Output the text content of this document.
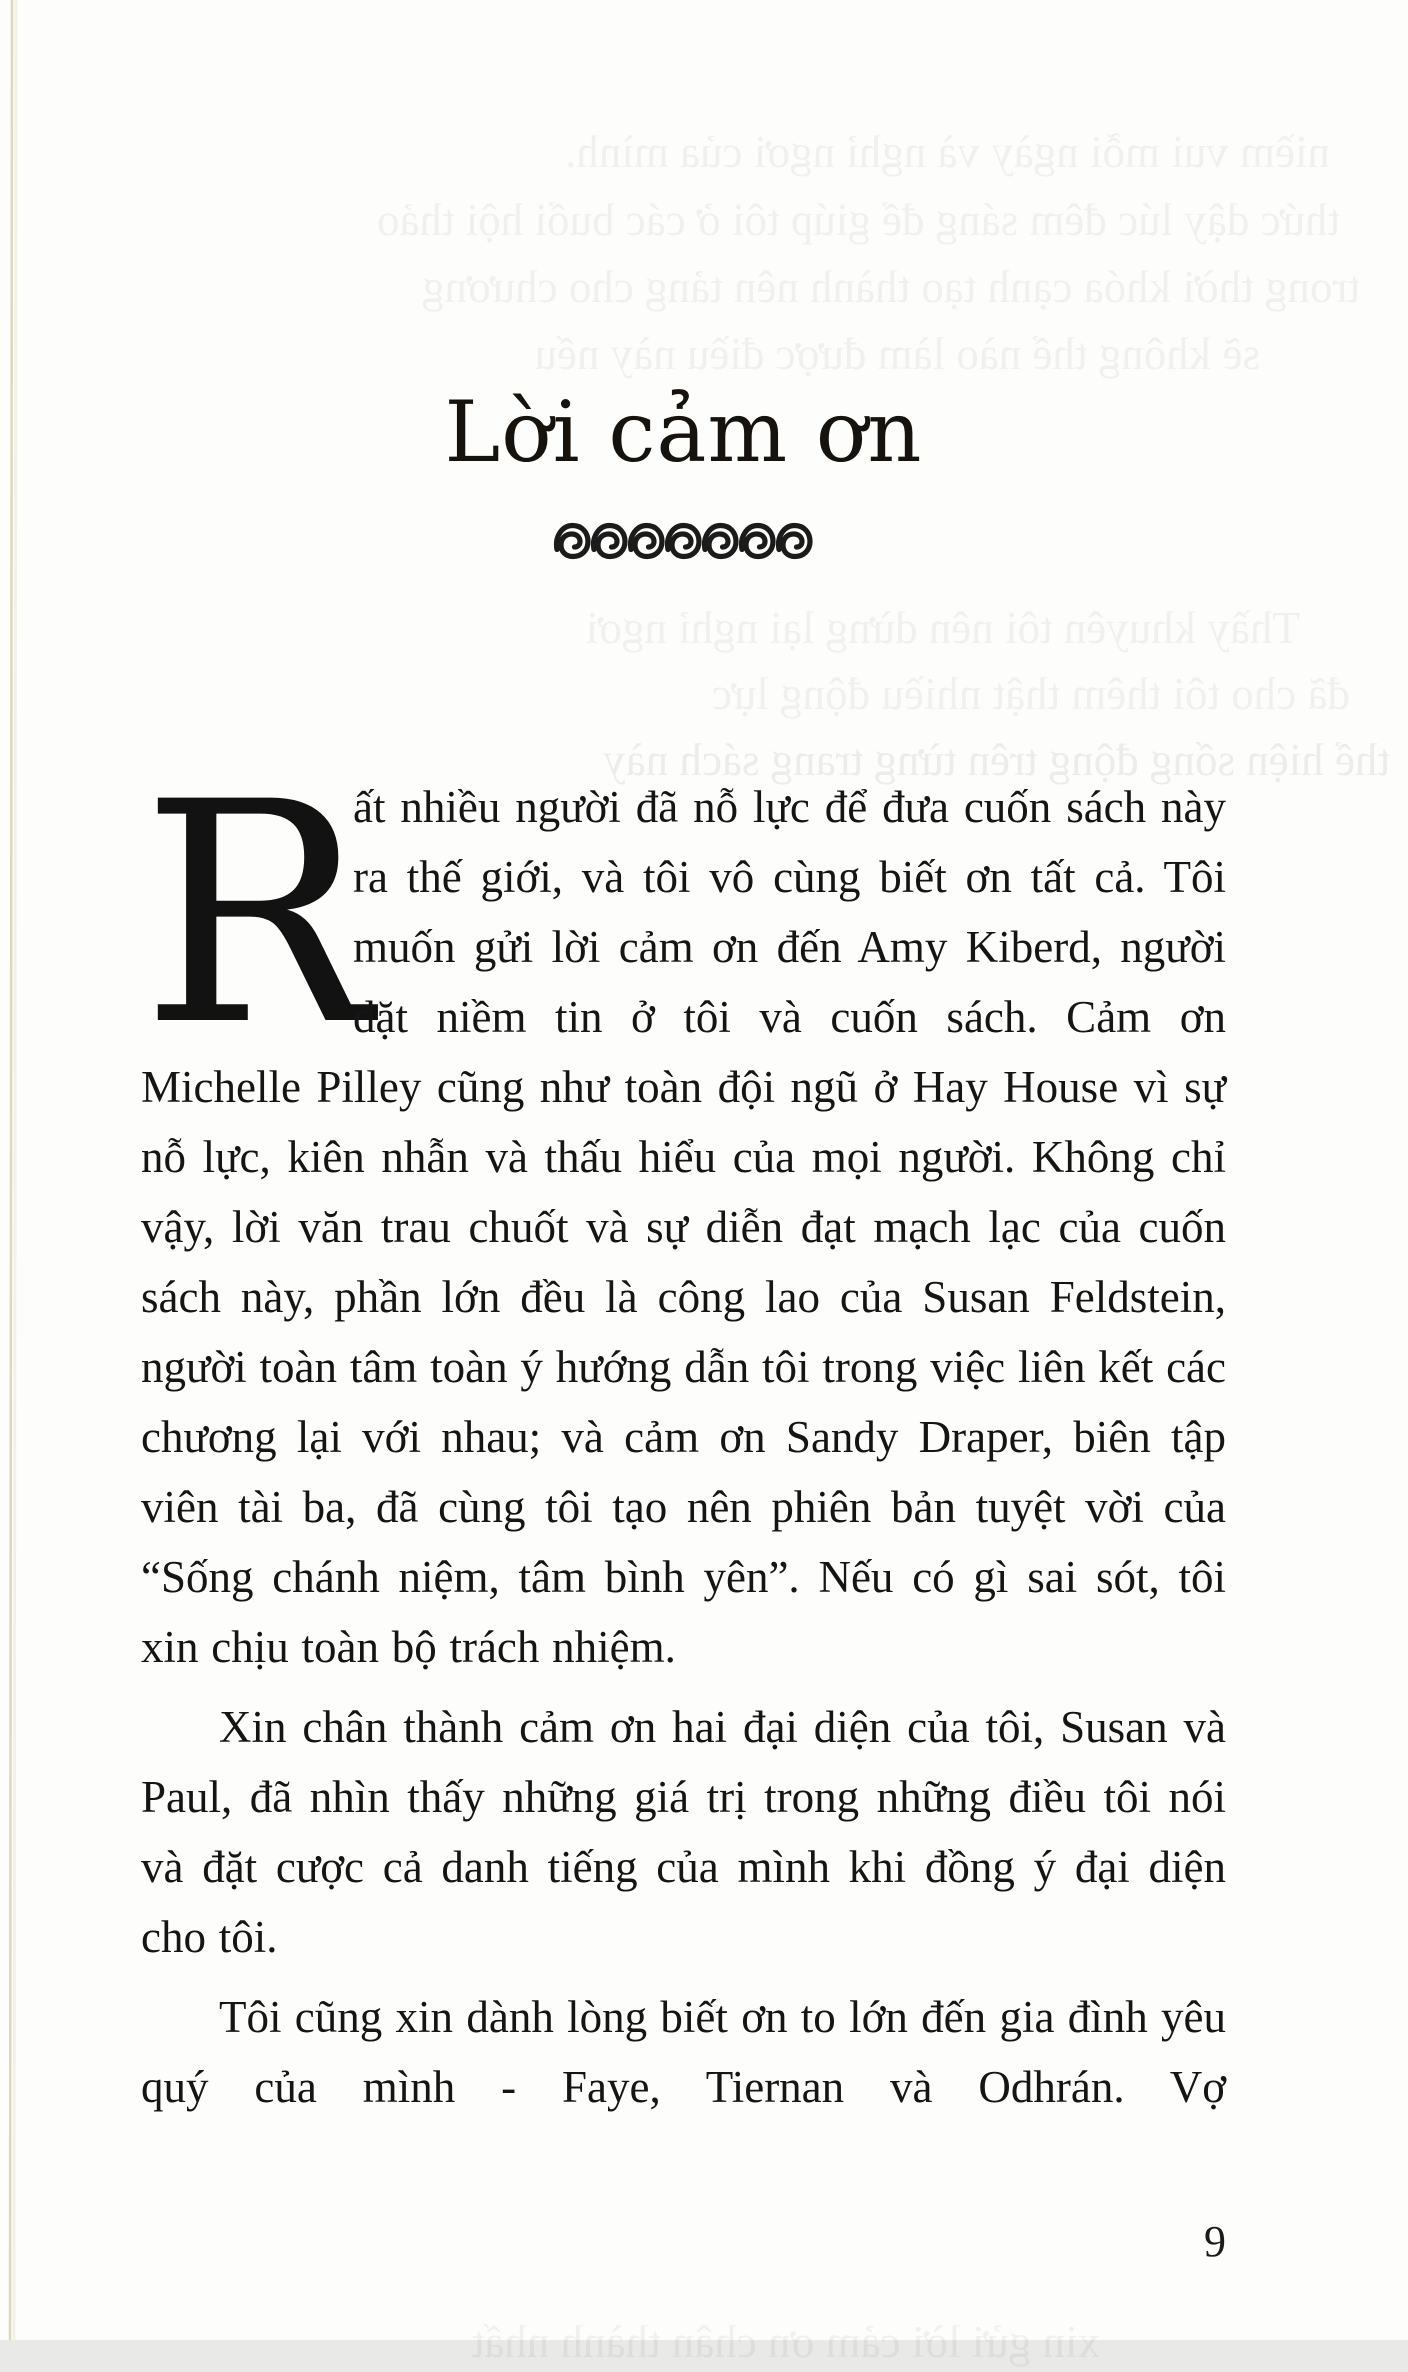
niềm vui mỗi ngày và nghỉ ngơi của mình.
thức dậy lúc đêm sáng để giúp tôi ở các buổi hội thảo
trong thời khóa cạnh tạo thành nên tảng cho chương
sẽ không thể nào làm được điều này nếu
Thầy khuyên tôi nên dừng lại nghỉ ngơi
đã cho tôi thêm thật nhiều động lực
thể hiện sống động trên từng trang sách này
xin gửi lời cảm ơn chân thành nhất
Lời cảm ơn

R
ất nhiều người đã nỗ lực để đưa cuốn sách này ra thế giới, và tôi vô cùng biết ơn tất cả. Tôi muốn gửi lời cảm ơn đến Amy Kiberd, người đặt niềm tin ở tôi và cuốn sách. Cảm ơn Michelle Pilley cũng như toàn đội ngũ ở Hay House vì sự nỗ lực, kiên nhẫn và thấu hiểu của mọi người. Không chỉ vậy, lời văn trau chuốt và sự diễn đạt mạch lạc của cuốn sách này, phần lớn đều là công lao của Susan Feldstein, người toàn tâm toàn ý hướng dẫn tôi trong việc liên kết các chương lại với nhau; và cảm ơn Sandy Draper, biên tập viên tài ba, đã cùng tôi tạo nên phiên bản tuyệt vời của “Sống chánh niệm, tâm bình yên”. Nếu có gì sai sót, tôi xin chịu toàn bộ trách nhiệm.

Xin chân thành cảm ơn hai đại diện của tôi, Susan và Paul, đã nhìn thấy những giá trị trong những điều tôi nói và đặt cược cả danh tiếng của mình khi đồng ý đại diện cho tôi.

Tôi cũng xin dành lòng biết ơn to lớn đến gia đình yêu quý của mình - Faye, Tiernan và Odhrán. Vợ

9
